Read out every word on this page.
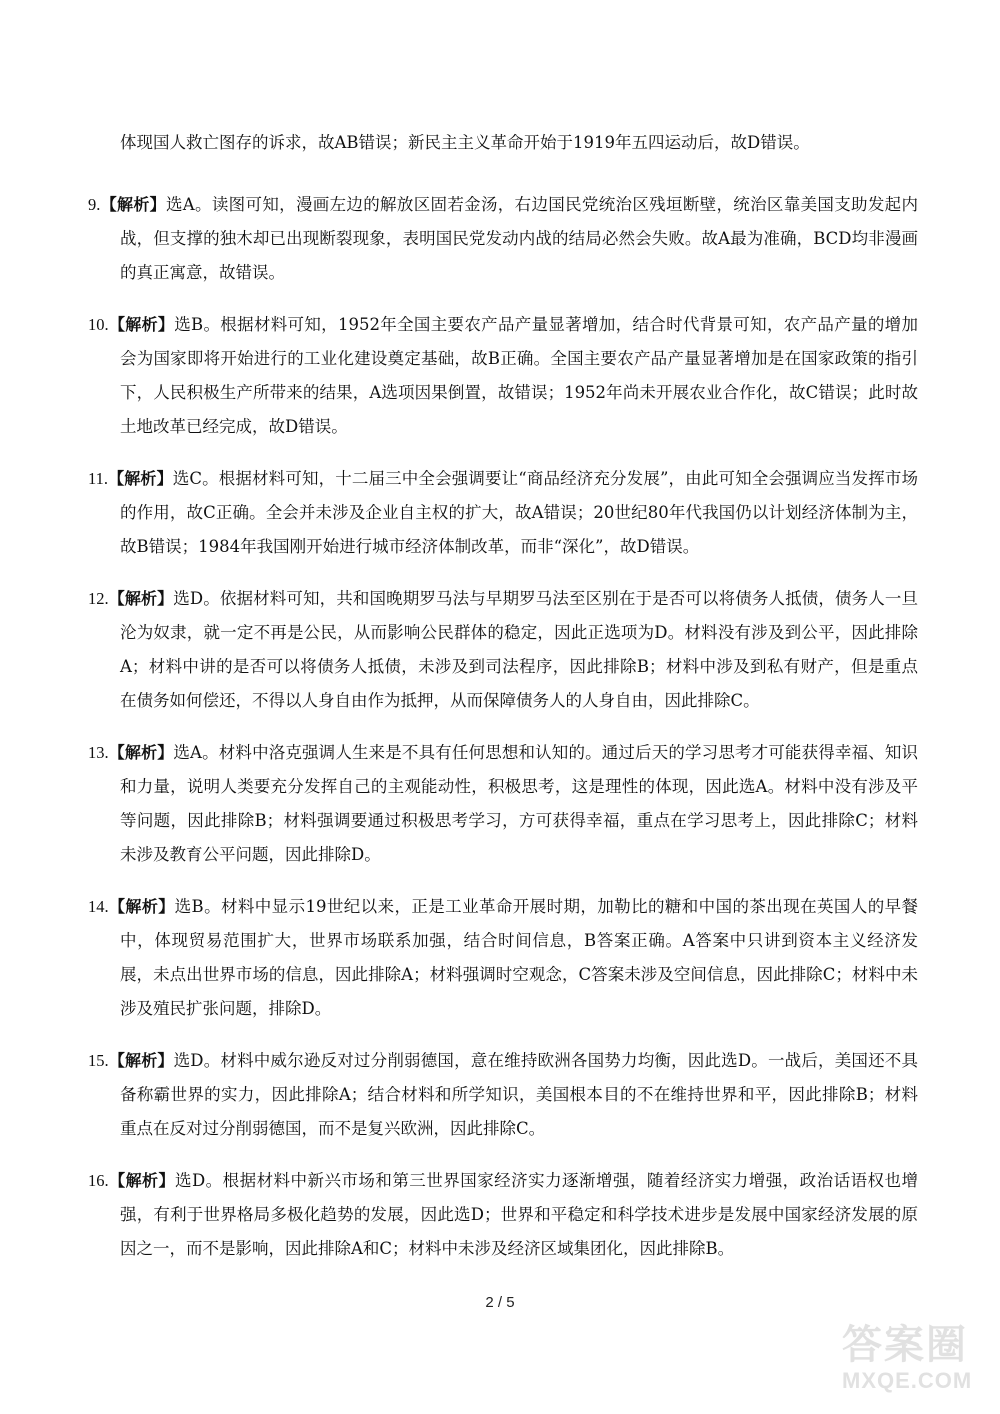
体现国人救亡图存的诉求，故AB错误；新民主主义革命开始于1919年五四运动后，故D错误。

9.【解析】选A。读图可知，漫画左边的解放区固若金汤，右边国民党统治区残垣断壁，统治区靠美国支助发起内战，但支撑的独木却已出现断裂现象，表明国民党发动内战的结局必然会失败。故A最为准确，BCD均非漫画的真正寓意，故错误。

10.【解析】选B。根据材料可知，1952年全国主要农产品产量显著增加，结合时代背景可知，农产品产量的增加会为国家即将开始进行的工业化建设奠定基础，故B正确。全国主要农产品产量显著增加是在国家政策的指引下，人民积极生产所带来的结果，A选项因果倒置，故错误；1952年尚未开展农业合作化，故C错误；此时故土地改革已经完成，故D错误。

11.【解析】选C。根据材料可知，十二届三中全会强调要让“商品经济充分发展”，由此可知全会强调应当发挥市场的作用，故C正确。全会并未涉及企业自主权的扩大，故A错误；20世纪80年代我国仍以计划经济体制为主，故B错误；1984年我国刚开始进行城市经济体制改革，而非“深化”，故D错误。

12.【解析】选D。依据材料可知，共和国晚期罗马法与早期罗马法至区别在于是否可以将债务人抵债，债务人一旦沦为奴隶，就一定不再是公民，从而影响公民群体的稳定，因此正选项为D。材料没有涉及到公平，因此排除A；材料中讲的是否可以将债务人抵债，未涉及到司法程序，因此排除B；材料中涉及到私有财产，但是重点在债务如何偿还，不得以人身自由作为抵押，从而保障债务人的人身自由，因此排除C。

13.【解析】选A。材料中洛克强调人生来是不具有任何思想和认知的。通过后天的学习思考才可能获得幸福、知识和力量，说明人类要充分发挥自己的主观能动性，积极思考，这是理性的体现，因此选A。材料中没有涉及平等问题，因此排除B；材料强调要通过积极思考学习，方可获得幸福，重点在学习思考上，因此排除C；材料未涉及教育公平问题，因此排除D。

14.【解析】选B。材料中显示19世纪以来，正是工业革命开展时期，加勒比的糖和中国的茶出现在英国人的早餐中，体现贸易范围扩大，世界市场联系加强，结合时间信息，B答案正确。A答案中只讲到资本主义经济发展，未点出世界市场的信息，因此排除A；材料强调时空观念，C答案未涉及空间信息，因此排除C；材料中未涉及殖民扩张问题，排除D。

15.【解析】选D。材料中威尔逊反对过分削弱德国，意在维持欧洲各国势力均衡，因此选D。一战后，美国还不具备称霸世界的实力，因此排除A；结合材料和所学知识，美国根本目的不在维持世界和平，因此排除B；材料重点在反对过分削弱德国，而不是复兴欧洲，因此排除C。

16.【解析】选D。根据材料中新兴市场和第三世界国家经济实力逐渐增强，随着经济实力增强，政治话语权也增强，有利于世界格局多极化趋势的发展，因此选D；世界和平稳定和科学技术进步是发展中国家经济发展的原因之一，而不是影响，因此排除A和C；材料中未涉及经济区域集团化，因此排除B。

2 / 5
答案圈
MXQE.COM
